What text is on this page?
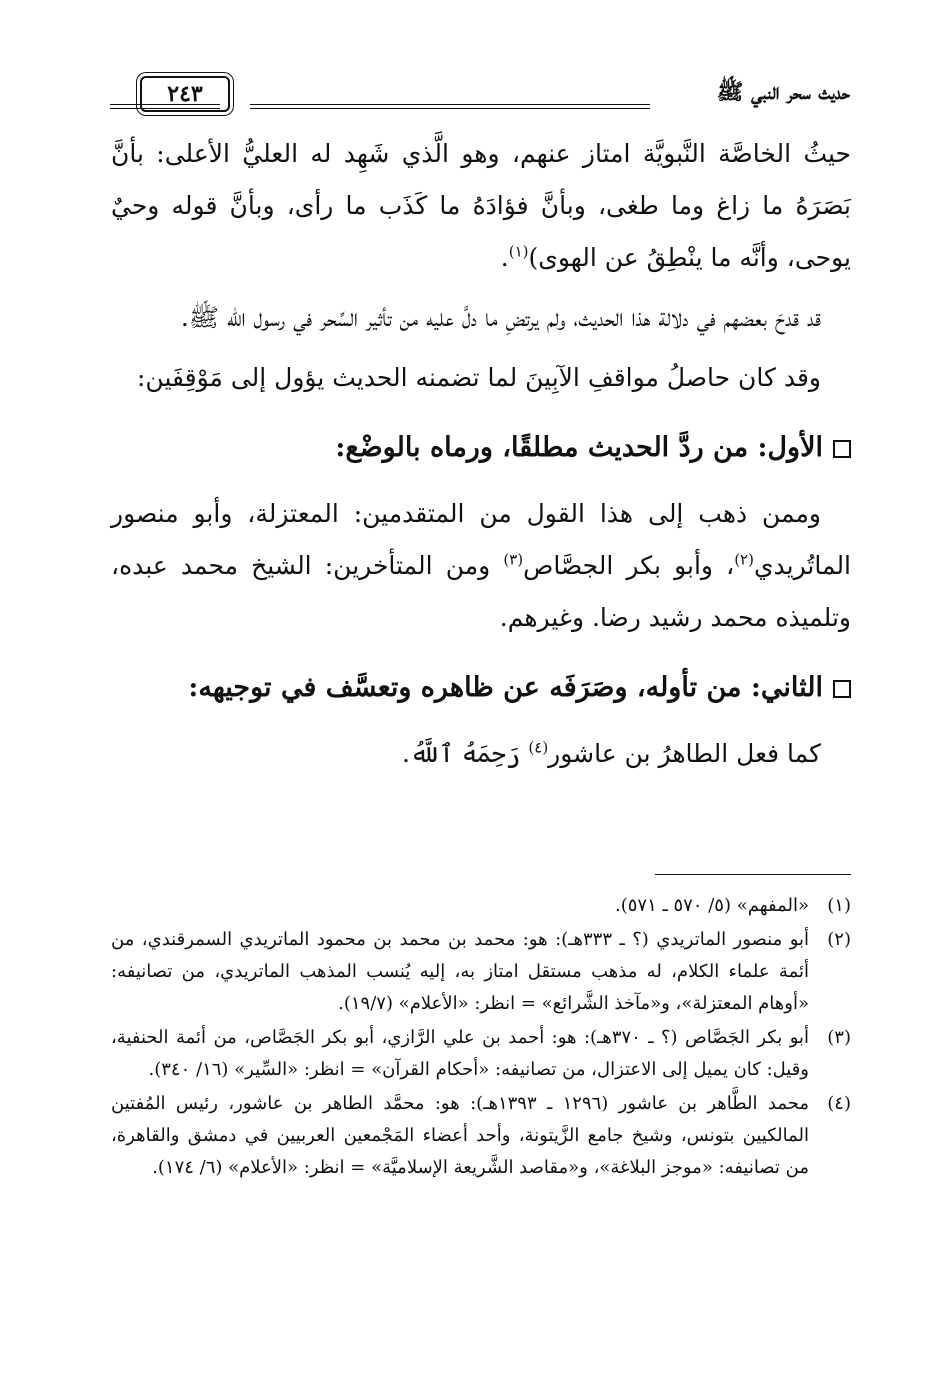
حديث سحر النبي ﷺ
٢٤٣

حيثُ الخاصَّة النَّبويَّة امتاز عنهم، وهو الَّذي شَهِد له العليُّ الأعلى: بأنَّ بَصَرَهُ ما زاغ وما طغى، وبأنَّ فؤادَهُ ما كَذَب ما رأى، وبأنَّ قوله وحيٌ يوحى، وأنَّه ما ينْطِقُ عن الهوى)$^{(١)}$.

قد قدحَ بعضهم في دلالة هذا الحديث، ولم يرتضِ ما دلَّ عليه من تأثير السِّحر في رسول الله ﷺ.

وقد كان حاصلُ مواقفِ الآبِينَ لما تضمنه الحديث يؤول إلى مَوْقِفَين:

الأول: من ردَّ الحديث مطلقًا، ورماه بالوضْع:

وممن ذهب إلى هذا القول من المتقدمين: المعتزلة، وأبو منصور الماتُريدي$^{(٢)}$، وأبو بكر الجصَّاص$^{(٣)}$ ومن المتأخرين: الشيخ محمد عبده، وتلميذه محمد رشيد رضا. وغيرهم.

الثاني: من تأوله، وصَرَفَه عن ظاهره وتعسَّف في توجيهه:

كما فعل الطاهرُ بن عاشور$^{(٤)}$ رَحِمَهُ ٱللَّهُ.

(١)
«المفهم» (٥/ ٥٧٠ ـ ٥٧١).
(٢)
أبو منصور الماتريدي (؟ ـ ٣٣٣هـ): هو: محمد بن محمد بن محمود الماتريدي السمرقندي، من أئمة علماء الكلام، له مذهب مستقل امتاز به، إليه يُنسب المذهب الماتريدي، من تصانيفه: «أوهام المعتزلة»، و«مآخذ الشَّرائع» = انظر: «الأعلام» (١٩/٧).
(٣)
أبو بكر الجَصَّاص (؟ ـ ٣٧٠هـ): هو: أحمد بن علي الرَّازي، أبو بكر الجَصَّاص، من أئمة الحنفية، وقيل: كان يميل إلى الاعتزال، من تصانيفه: «أحكام القرآن» = انظر: «السِّير» (١٦/ ٣٤٠).
(٤)
محمد الطَّاهر بن عاشور (١٢٩٦ ـ ١٣٩٣هـ): هو: محمَّد الطاهر بن عاشور، رئيس المُفتين المالكيين بتونس، وشيخ جامع الزَّيتونة، وأحد أعضاء المَجْمعين العربيين في دمشق والقاهرة، من تصانيفه: «موجز البلاغة»، و«مقاصد الشَّريعة الإسلاميَّة» = انظر: «الأعلام» (٦/ ١٧٤).
